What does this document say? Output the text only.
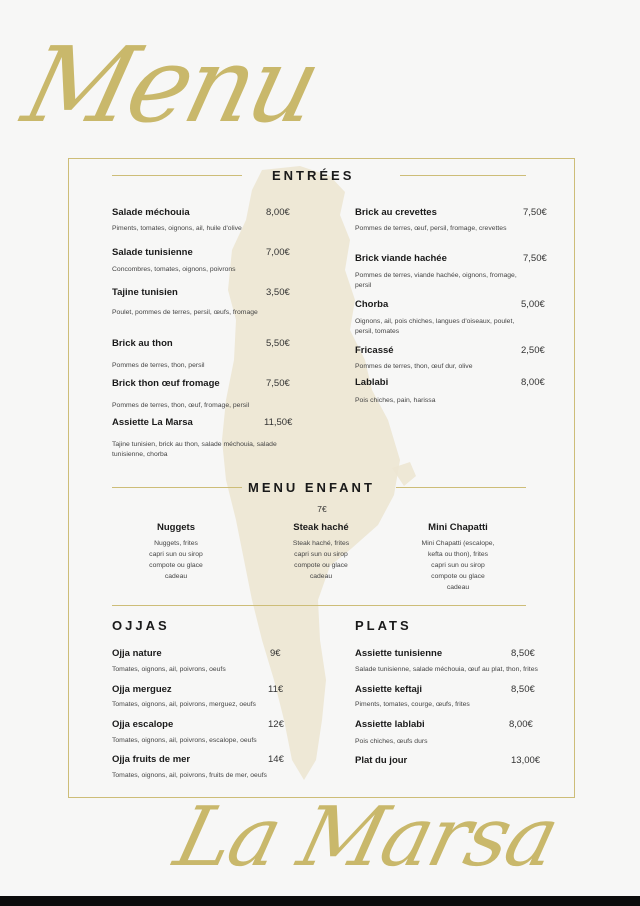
Menu
ENTRÉES
Salade méchouia	8,00€
Piments, tomates, oignons, ail, huile d'olive
Salade tunisienne	7,00€
Concombres, tomates, oignons, poivrons
Tajine tunisien	3,50€
Poulet, pommes de terres, persil, œufs, fromage
Brick au thon	5,50€
Pommes de terres, thon, persil
Brick thon œuf fromage	7,50€
Pommes de terres, thon, œuf, fromage, persil
Assiette La Marsa	11,50€
Tajine tunisien, brick au thon, salade méchouia, salade tunisienne, chorba
Brick au crevettes	7,50€
Pommes de terres, œuf, persil, fromage, crevettes
Brick viande hachée	7,50€
Pommes de terres, viande hachée, oignons, fromage, persil
Chorba	5,00€
Oignons, ail, pois chiches, langues d'oiseaux, poulet, persil, tomates
Fricassé	2,50€
Pommes de terres, thon, œuf dur, olive
Lablabi	8,00€
Pois chiches, pain, harissa
MENU ENFANT
7€
Nuggets
Nuggets, frites
capri sun ou sirop
compote ou glace
cadeau
Steak haché
Steak haché, frites
capri sun ou sirop
compote ou glace
cadeau
Mini Chapatti
Mini Chapatti (escalope,
kefta ou thon), frites
capri sun ou sirop
compote ou glace
cadeau
OJJAS
Ojja nature	9€
Tomates, oignons, ail, poivrons, oeufs
Ojja merguez	11€
Tomates, oignons, ail, poivrons, merguez, oeufs
Ojja escalope	12€
Tomates, oignons, ail, poivrons, escalope, oeufs
Ojja fruits de mer	14€
Tomates, oignons, ail, poivrons, fruits de mer, oeufs
PLATS
Assiette tunisienne	8,50€
Salade tunisienne, salade méchouia, œuf au plat, thon, frites
Assiette keftaji	8,50€
Piments, tomates, courge, œufs, frites
Assiette lablabi	8,00€
Pois chiches, œufs durs
Plat du jour	13,00€
La Marsa
